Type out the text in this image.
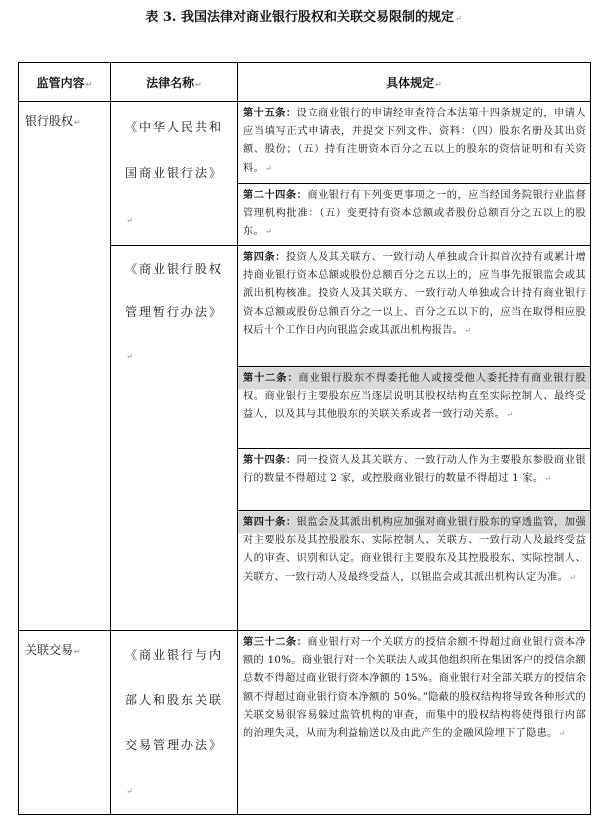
表 3. 我国法律对商业银行股权和关联交易限制的规定↵
监管内容↵	法律名称↵	具体规定↵
银行股权↵	《中华人民共和国商业银行法》↵	第十五条：设立商业银行的申请经审查符合本法第十四条规定的，申请人应当填写正式申请表，并提交下列文件、资料：（四）股东名册及其出资额、股份；（五）持有注册资本百分之五以上的股东的资信证明和有关资料。↵
		第二十四条：商业银行有下列变更事项之一的，应当经国务院银行业监督管理机构批准：（五）变更持有资本总额或者股份总额百分之五以上的股东。↵
	《商业银行股权管理暂行办法》↵	第四条：投资人及其关联方、一致行动人单独或合计拟首次持有或累计增持商业银行资本总额或股份总额百分之五以上的，应当事先报银监会或其派出机构核准。投资人及其关联方、一致行动人单独或合计持有商业银行资本总额或股份总额百分之一以上、百分之五以下的，应当在取得相应股权后十个工作日内向银监会或其派出机构报告。↵
		第十二条：商业银行股东不得委托他人或接受他人委托持有商业银行股权。商业银行主要股东应当逐层说明其股权结构直至实际控制人、最终受益人，以及其与其他股东的关联关系或者一致行动关系。↵
		第十四条：同一投资人及其关联方、一致行动人作为主要股东参股商业银行的数量不得超过 2 家，或控股商业银行的数量不得超过 1 家。↵
		第四十条：银监会及其派出机构应加强对商业银行股东的穿透监管，加强对主要股东及其控股股东、实际控制人、关联方、一致行动人及最终受益人的审查、识别和认定。商业银行主要股东及其控股股东、实际控制人、关联方、一致行动人及最终受益人，以银监会或其派出机构认定为准。↵
关联交易↵	《商业银行与内部人和股东关联交易管理办法》↵	第三十二条：商业银行对一个关联方的授信余额不得超过商业银行资本净额的 10%。商业银行对一个关联法人或其他组织所在集团客户的授信余额总数不得超过商业银行资本净额的 15%。商业银行对全部关联方的授信余额不得超过商业银行资本净额的 50%。”隐蔽的股权结构将导致各种形式的关联交易很容易躲过监管机构的审查，而集中的股权结构将使得银行内部的治理失灵，从而为利益输送以及由此产生的金融风险埋下了隐患。↵
